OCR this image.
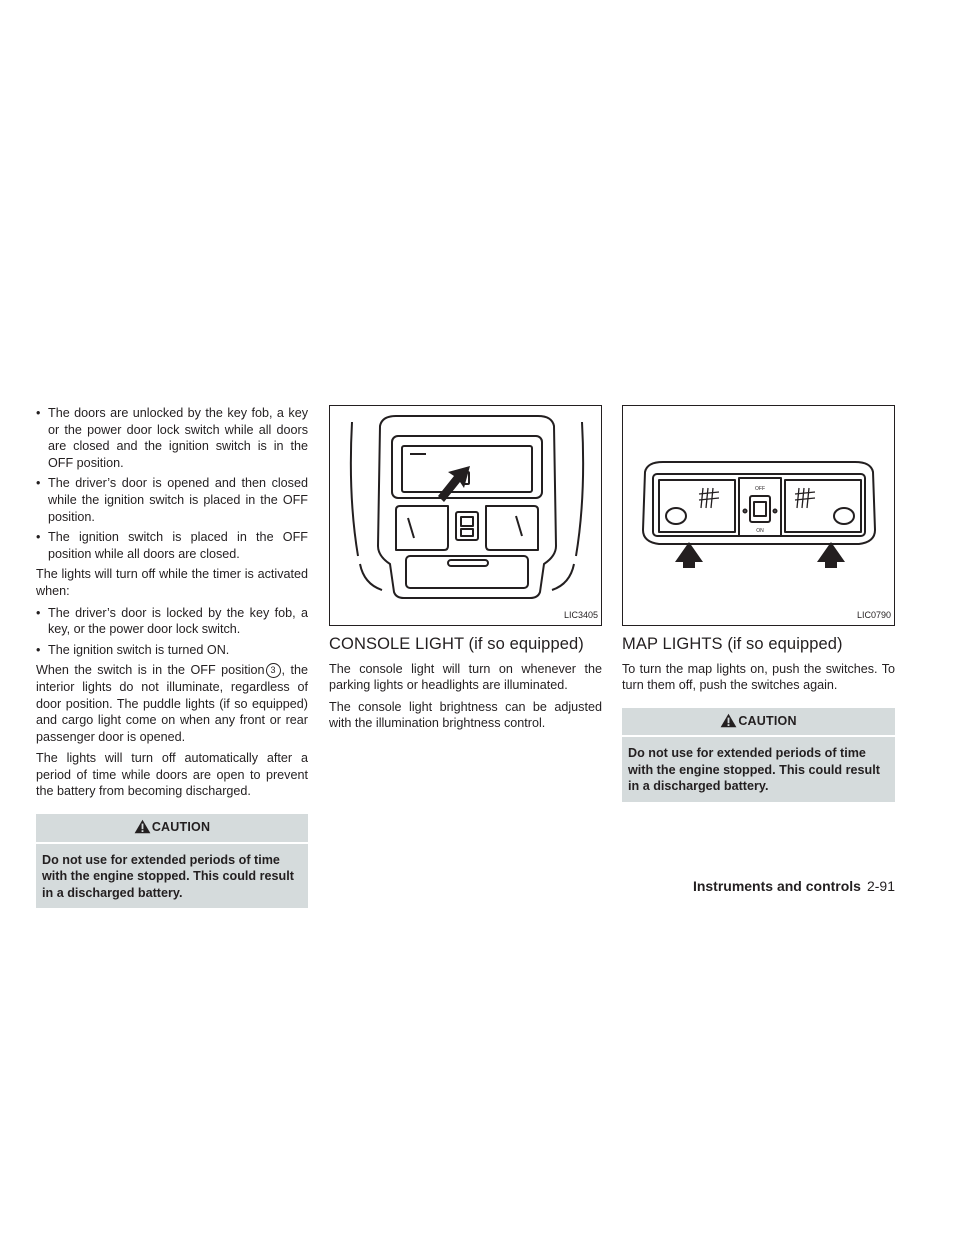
• The doors are unlocked by the key fob, a key or the power door lock switch while all doors are closed and the ignition switch is in the OFF position.
• The driver’s door is opened and then closed while the ignition switch is placed in the OFF position.
• The ignition switch is placed in the OFF position while all doors are closed.

The lights will turn off while the timer is activated when:

• The driver’s door is locked by the key fob, a key, or the power door lock switch.
• The ignition switch is turned ON.

When the switch is in the OFF position 3 , the interior lights do not illuminate, regardless of door position. The puddle lights (if so equipped) and cargo light come on when any front or rear passenger door is opened.

The lights will turn off automatically after a period of time while doors are open to prevent the battery from becoming discharged.

CAUTION
Do not use for extended periods of time with the engine stopped. This could result in a discharged battery.
LIC3405
CONSOLE LIGHT (if so equipped)

The console light will turn on whenever the parking lights or headlights are illuminated.

The console light brightness can be adjusted with the illumination brightness control.

OFF
ON
LIC0790
MAP LIGHTS (if so equipped)

To turn the map lights on, push the switches. To turn them off, push the switches again.

CAUTION
Do not use for extended periods of time with the engine stopped. This could result in a discharged battery.
Instruments and controls 2-91
